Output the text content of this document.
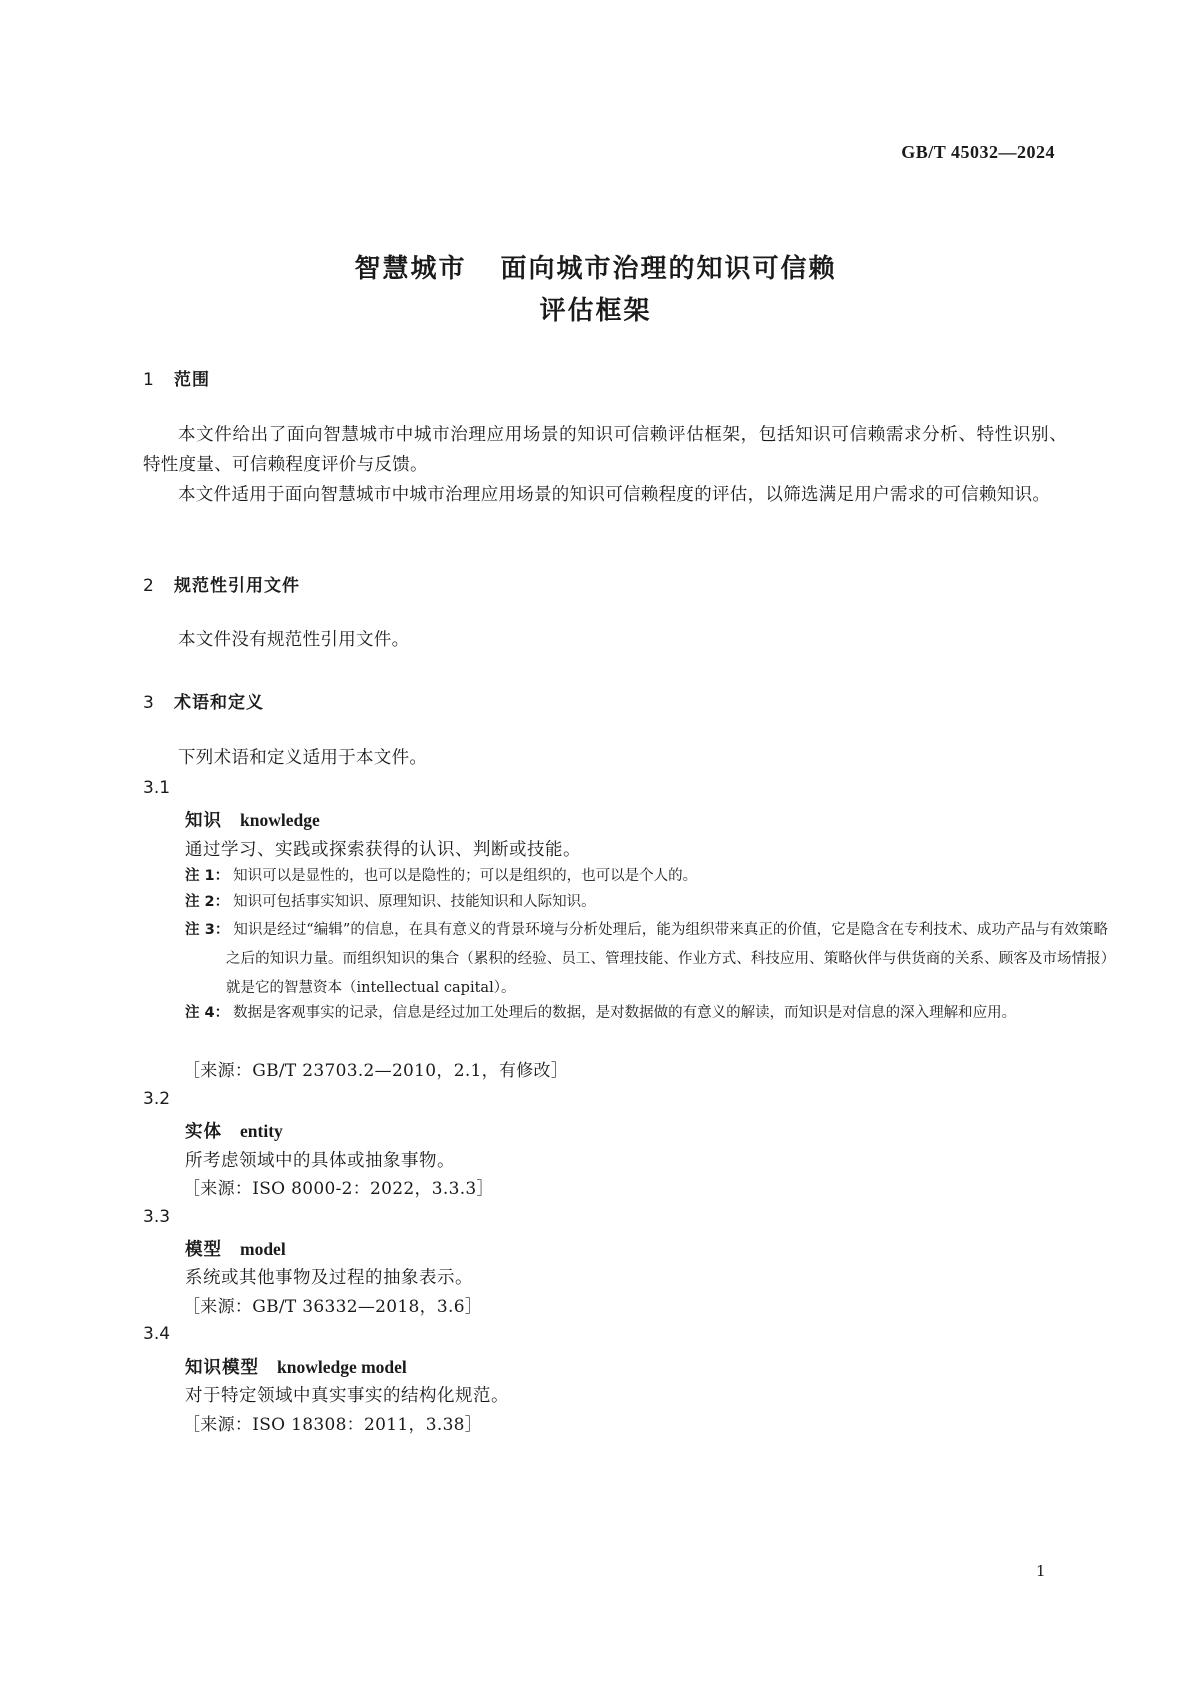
GB/T 45032—2024
智慧城市 面向城市治理的知识可信赖
评估框架
1 范围
本文件给出了面向智慧城市中城市治理应用场景的知识可信赖评估框架，包括知识可信赖需求分析、特性识别、特性度量、可信赖程度评价与反馈。
本文件适用于面向智慧城市中城市治理应用场景的知识可信赖程度的评估，以筛选满足用户需求的可信赖知识。
2 规范性引用文件
本文件没有规范性引用文件。
3 术语和定义
下列术语和定义适用于本文件。
3.1
知识 knowledge
通过学习、实践或探索获得的认识、判断或技能。
注 1： 知识可以是显性的，也可以是隐性的；可以是组织的，也可以是个人的。
注 2： 知识可包括事实知识、原理知识、技能知识和人际知识。
注 3： 知识是经过“编辑”的信息，在具有意义的背景环境与分析处理后，能为组织带来真正的价值，它是隐含在专利技术、成功产品与有效策略之后的知识力量。而组织知识的集合（累积的经验、员工、管理技能、作业方式、科技应用、策略伙伴与供货商的关系、顾客及市场情报）就是它的智慧资本（intellectual capital）。
注 4： 数据是客观事实的记录，信息是经过加工处理后的数据，是对数据做的有意义的解读，而知识是对信息的深入理解和应用。
［来源：GB/T 23703.2—2010，2.1，有修改］
3.2
实体 entity
所考虑领域中的具体或抽象事物。
［来源：ISO 8000-2：2022，3.3.3］
3.3
模型 model
系统或其他事物及过程的抽象表示。
［来源：GB/T 36332—2018，3.6］
3.4
知识模型 knowledge model
对于特定领域中真实事实的结构化规范。
［来源：ISO 18308：2011，3.38］
1
